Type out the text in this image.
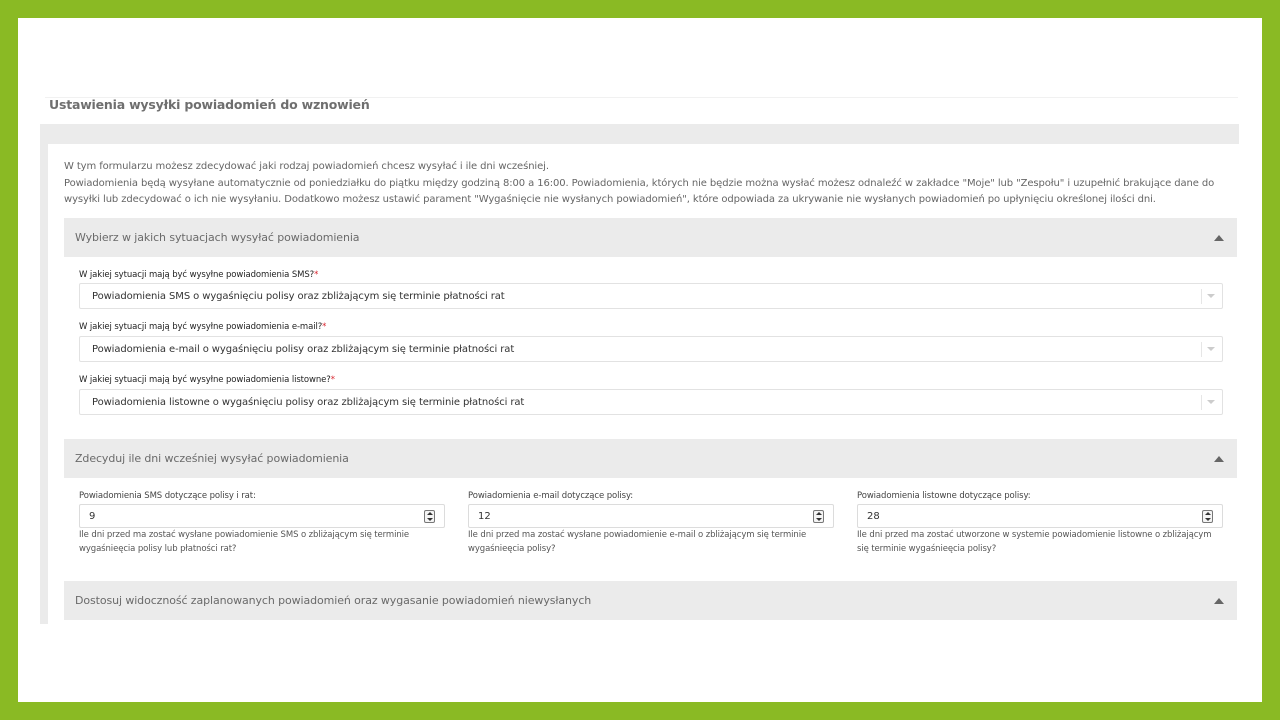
Ustawienia wysyłki powiadomień do wznowień
W tym formularzu możesz zdecydować jaki rodzaj powiadomień chcesz wysyłać i ile dni wcześniej.
Powiadomienia będą wysyłane automatycznie od poniedziałku do piątku między godziną 8:00 a 16:00. Powiadomienia, których nie będzie można wysłać możesz odnaleźć w zakładce "Moje" lub "Zespołu" i uzupełnić brakujące dane do wysyłki lub zdecydować o ich nie wysyłaniu. Dodatkowo możesz ustawić parament "Wygaśnięcie nie wysłanych powiadomień", które odpowiada za ukrywanie nie wysłanych powiadomień po upłynięciu określonej ilości dni.
Wybierz w jakich sytuacjach wysyłać powiadomienia
W jakiej sytuacji mają być wysyłne powiadomienia SMS?*
Powiadomienia SMS o wygaśnięciu polisy oraz zbliżającym się terminie płatności rat
W jakiej sytuacji mają być wysyłne powiadomienia e-mail?*
Powiadomienia e-mail o wygaśnięciu polisy oraz zbliżającym się terminie płatności rat
W jakiej sytuacji mają być wysyłne powiadomienia listowne?*
Powiadomienia listowne o wygaśnięciu polisy oraz zbliżającym się terminie płatności rat
Zdecyduj ile dni wcześniej wysyłać powiadomienia
Powiadomienia SMS dotyczące polisy i rat:
9
Ile dni przed ma zostać wysłane powiadomienie SMS o zbliżającym się terminie wygaśnieęcia polisy lub płatności rat?
Powiadomienia e-mail dotyczące polisy:
12
Ile dni przed ma zostać wysłane powiadomienie e-mail o zbliżającym się terminie wygaśnieęcia polisy?
Powiadomienia listowne dotyczące polisy:
28
Ile dni przed ma zostać utworzone w systemie powiadomienie listowne o zbliżającym się terminie wygaśnieęcia polisy?
Dostosuj widoczność zaplanowanych powiadomień oraz wygasanie powiadomień niewysłanych
